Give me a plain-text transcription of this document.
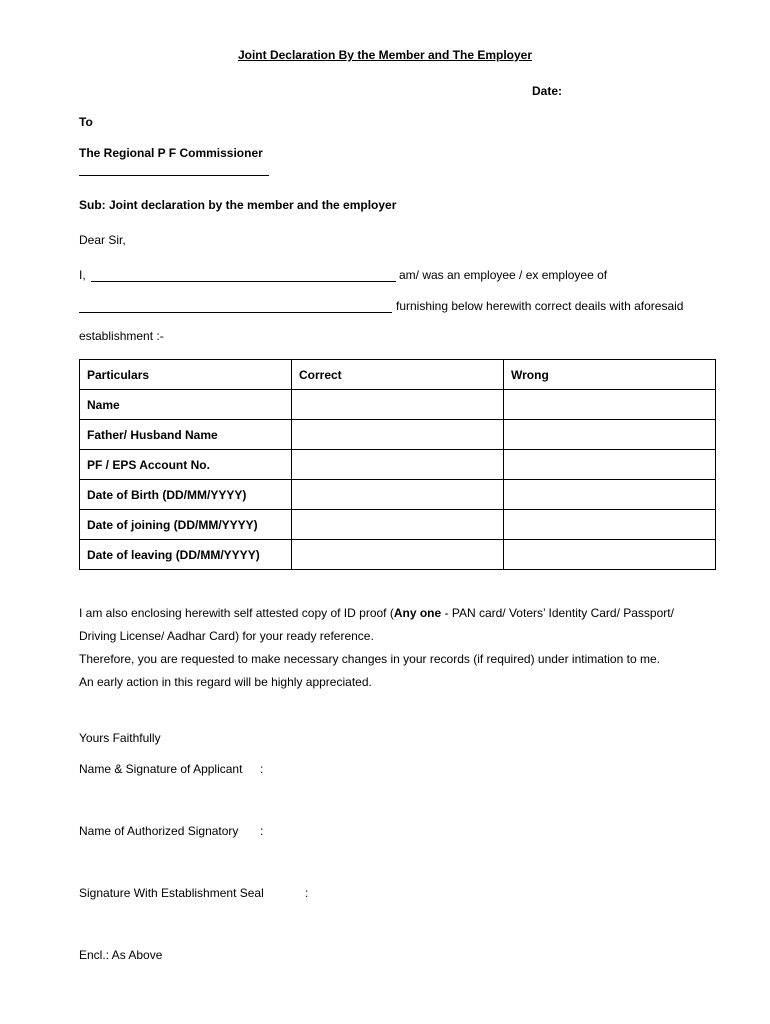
Joint Declaration By the Member and The Employer
Date:
To
The Regional P F Commissioner
Sub: Joint declaration by the member and the employer
Dear Sir,
I,	am/ was an employee / ex employee of
furnishing below herewith correct deails with aforesaid
establishment :-
Particulars	Correct	Wrong
Name		
Father/ Husband Name		
PF / EPS Account No.		
Date of Birth (DD/MM/YYYY)		
Date of joining (DD/MM/YYYY)		
Date of leaving (DD/MM/YYYY)		
I am also enclosing herewith self attested copy of ID proof (Any one - PAN card/ Voters’ Identity Card/ Passport/
Driving License/ Aadhar Card) for your ready reference.
Therefore, you are requested to make necessary changes in your records (if required) under intimation to me.
An early action in this regard will be highly appreciated.
Yours Faithfully
Name & Signature of Applicant :
Name of Authorized Signatory :
Signature With Establishment Seal	:
Encl.: As Above
